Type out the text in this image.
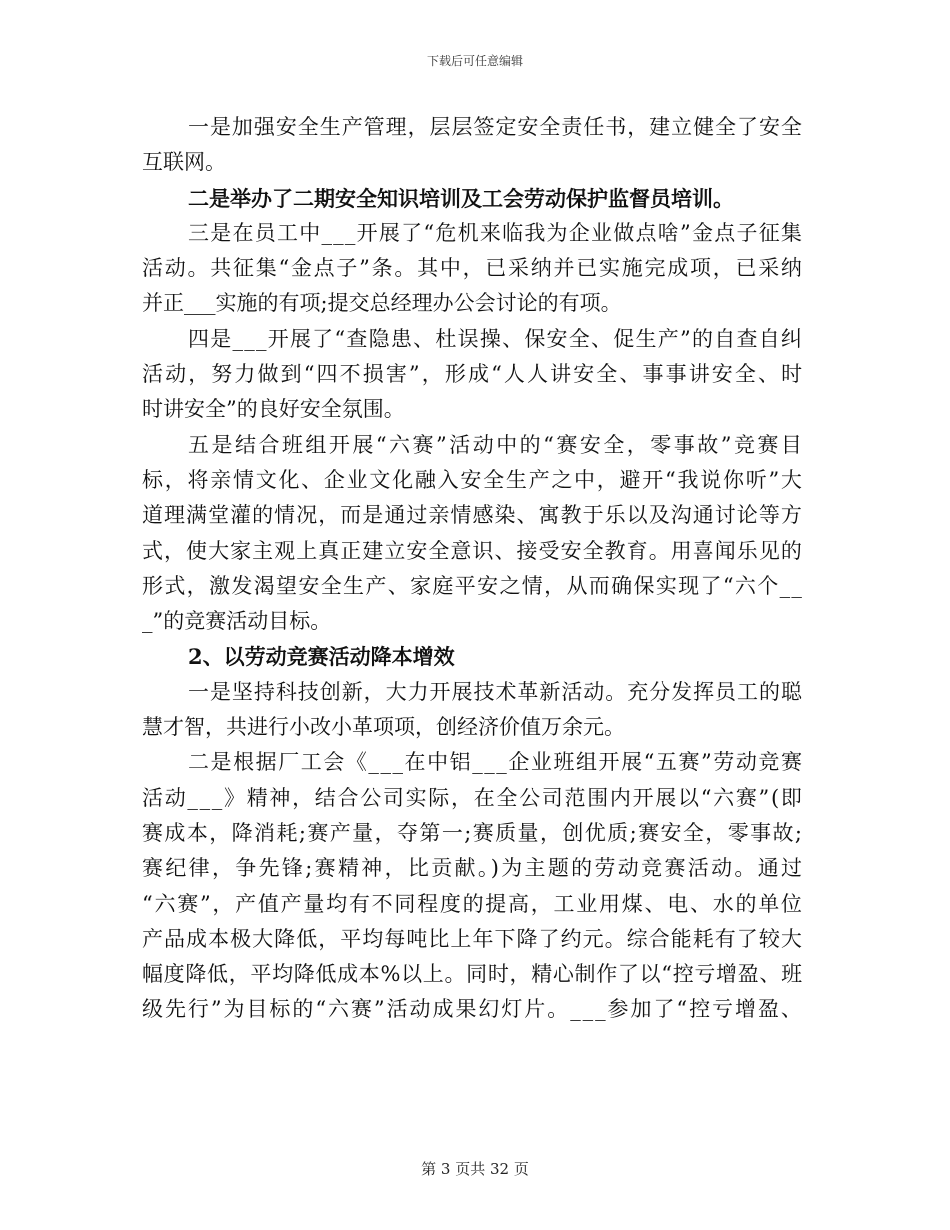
下载后可任意编辑
一是加强安全生产管理，层层签定安全责任书，建立健全了安全
互联网。
二是举办了二期安全知识培训及工会劳动保护监督员培训。
三是在员工中___开展了“危机来临我为企业做点啥”金点子征集
活动。共征集“金点子”条。其中，已采纳并已实施完成项，已采纳
并正___实施的有项;提交总经理办公会讨论的有项。
四是___开展了“查隐患、杜误操、保安全、促生产”的自查自纠
活动，努力做到“四不损害”，形成“人人讲安全、事事讲安全、时
时讲安全”的良好安全氛围。
五是结合班组开展“六赛”活动中的“赛安全，零事故”竞赛目
标，将亲情文化、企业文化融入安全生产之中，避开“我说你听”大
道理满堂灌的情况，而是通过亲情感染、寓教于乐以及沟通讨论等方
式，使大家主观上真正建立安全意识、接受安全教育。用喜闻乐见的
形式，激发渴望安全生产、家庭平安之情，从而确保实现了“六个__
_”的竞赛活动目标。
2、以劳动竞赛活动降本增效
一是坚持科技创新，大力开展技术革新活动。充分发挥员工的聪
慧才智，共进行小改小革项项，创经济价值万余元。
二是根据厂工会《___在中铝___企业班组开展“五赛”劳动竞赛
活动___》精神，结合公司实际，在全公司范围内开展以“六赛”(即
赛成本，降消耗;赛产量，夺第一;赛质量，创优质;赛安全，零事故;
赛纪律，争先锋;赛精神，比贡献。)为主题的劳动竞赛活动。通过
“六赛”，产值产量均有不同程度的提高，工业用煤、电、水的单位
产品成本极大降低，平均每吨比上年下降了约元。综合能耗有了较大
幅度降低，平均降低成本%以上。同时，精心制作了以“控亏增盈、班
级先行”为目标的“六赛”活动成果幻灯片。___参加了“控亏增盈、
第 3 页共 32 页
